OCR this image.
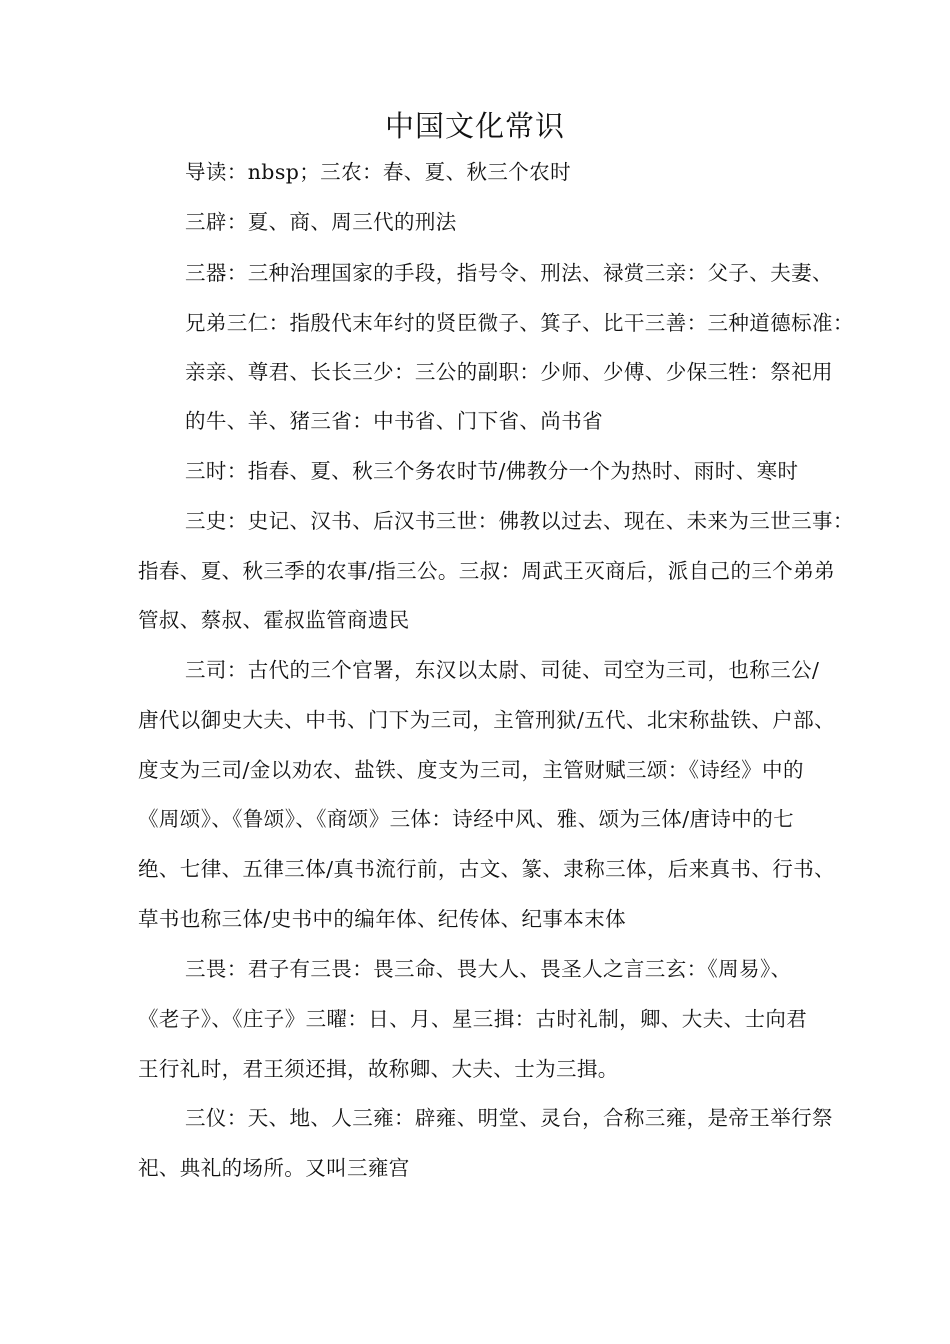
中国文化常识
导读：nbsp；三农：春、夏、秋三个农时
三辟：夏、商、周三代的刑法
三器：三种治理国家的手段，指号令、刑法、禄赏三亲：父子、夫妻、
兄弟三仁：指殷代末年纣的贤臣微子、箕子、比干三善：三种道德标准：
亲亲、尊君、长长三少：三公的副职：少师、少傅、少保三牲：祭祀用
的牛、羊、猪三省：中书省、门下省、尚书省
三时：指春、夏、秋三个务农时节/佛教分一个为热时、雨时、寒时
三史：史记、汉书、后汉书三世：佛教以过去、现在、未来为三世三事：
指春、夏、秋三季的农事/指三公。三叔：周武王灭商后，派自己的三个弟弟
管叔、蔡叔、霍叔监管商遗民
三司：古代的三个官署，东汉以太尉、司徒、司空为三司，也称三公/
唐代以御史大夫、中书、门下为三司，主管刑狱/五代、北宋称盐铁、户部、
度支为三司/金以劝农、盐铁、度支为三司，主管财赋三颂：《诗经》中的
《周颂》、《鲁颂》、《商颂》三体：诗经中风、雅、颂为三体/唐诗中的七
绝、七律、五律三体/真书流行前，古文、篆、隶称三体，后来真书、行书、
草书也称三体/史书中的编年体、纪传体、纪事本末体
三畏：君子有三畏：畏三命、畏大人、畏圣人之言三玄：《周易》、
《老子》、《庄子》三曜：日、月、星三揖：古时礼制，卿、大夫、士向君
王行礼时，君王须还揖，故称卿、大夫、士为三揖。
三仪：天、地、人三雍：辟雍、明堂、灵台，合称三雍，是帝王举行祭
祀、典礼的场所。又叫三雍宫
